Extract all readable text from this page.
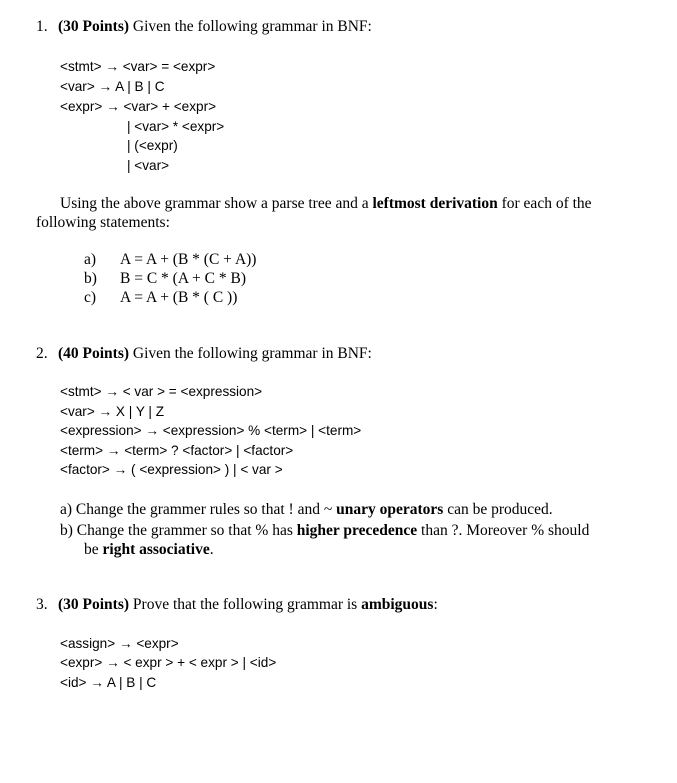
1. (30 Points) Given the following grammar in BNF:
<stmt> → <var> = <expr>
<var> → A | B | C
<expr> → <var> + <expr>
| <var> * <expr>
| (<expr)
| <var>
Using the above grammar show a parse tree and a leftmost derivation for each of the
following statements:
a) A = A + (B * (C + A))
b) B = C * (A + C * B)
c) A = A + (B * ( C ))
2. (40 Points) Given the following grammar in BNF:
<stmt> → < var > = <expression>
<var> → X | Y | Z
<expression> → <expression> % <term> | <term>
<term> → <term> ? <factor> | <factor>
<factor> → ( <expression> ) | < var >
a) Change the grammer rules so that ! and ~ unary operators can be produced.
b) Change the grammer so that % has higher precedence than ?. Moreover % should
be right associative.
3. (30 Points) Prove that the following grammar is ambiguous:
<assign> → <expr>
<expr> → < expr > + < expr > | <id>
<id> → A | B | C
